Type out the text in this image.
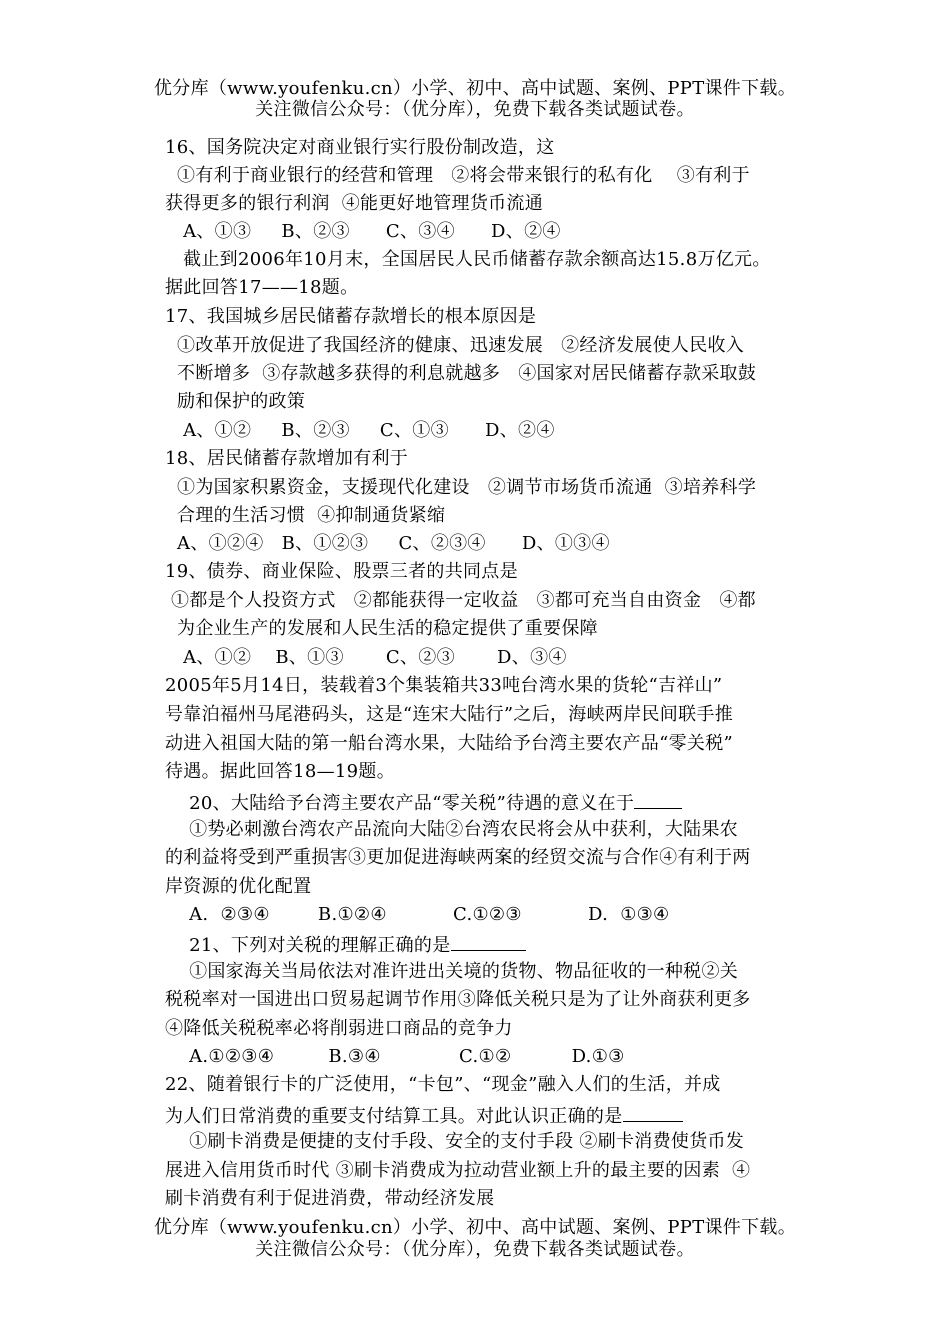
优分库（www.youfenku.cn）小学、初中、高中试题、案例、PPT课件下载。
关注微信公众号：（优分库），免费下载各类试题试卷。
16、国务院决定对商业银行实行股份制改造，这
①有利于商业银行的经营和管理   ②将会带来银行的私有化    ③有利于
获得更多的银行利润  ④能更好地管理货币流通
A、①③     B、②③      C、③④      D、②④
截止到2006年10月末，全国居民人民币储蓄存款余额高达15.8万亿元。
据此回答17——18题。
17、我国城乡居民储蓄存款增长的根本原因是
①改革开放促进了我国经济的健康、迅速发展   ②经济发展使人民收入
不断增多  ③存款越多获得的利息就越多   ④国家对居民储蓄存款采取鼓
励和保护的政策
A、①②     B、②③     C、①③      D、②④
18、居民储蓄存款增加有利于
①为国家积累资金，支援现代化建设   ②调节市场货币流通  ③培养科学
合理的生活习惯  ④抑制通货紧缩
A、①②④   B、①②③     C、②③④      D、①③④
19、债券、商业保险、股票三者的共同点是
①都是个人投资方式   ②都能获得一定收益   ③都可充当自由资金   ④都
为企业生产的发展和人民生活的稳定提供了重要保障
A、①②    B、①③       C、②③       D、③④
2005年5月14日，装载着3个集装箱共33吨台湾水果的货轮“吉祥山”
号靠泊福州马尾港码头，这是“连宋大陆行”之后，海峡两岸民间联手推
动进入祖国大陆的第一船台湾水果，大陆给予台湾主要农产品“零关税”
待遇。据此回答18—19题。
20、大陆给予台湾主要农产品“零关税”待遇的意义在于
①势必刺激台湾农产品流向大陆②台湾农民将会从中获利，大陆果农
的利益将受到严重损害③更加促进海峡两案的经贸交流与合作④有利于两
岸资源的优化配置
A.  ②③④        B.①②④           C.①②③           D.  ①③④
21、下列对关税的理解正确的是
①国家海关当局依法对准许进出关境的货物、物品征收的一种税②关
税税率对一国进出口贸易起调节作用③降低关税只是为了让外商获利更多
④降低关税税率必将削弱进口商品的竞争力
A.①②③④         B.③④             C.①②          D.①③
22、随着银行卡的广泛使用，“卡包”、“现金”融入人们的生活，并成
为人们日常消费的重要支付结算工具。对此认识正确的是
①刷卡消费是便捷的支付手段、安全的支付手段 ②刷卡消费使货币发
展进入信用货币时代 ③刷卡消费成为拉动营业额上升的最主要的因素  ④
刷卡消费有利于促进消费，带动经济发展
优分库（www.youfenku.cn）小学、初中、高中试题、案例、PPT课件下载。
关注微信公众号：（优分库），免费下载各类试题试卷。
